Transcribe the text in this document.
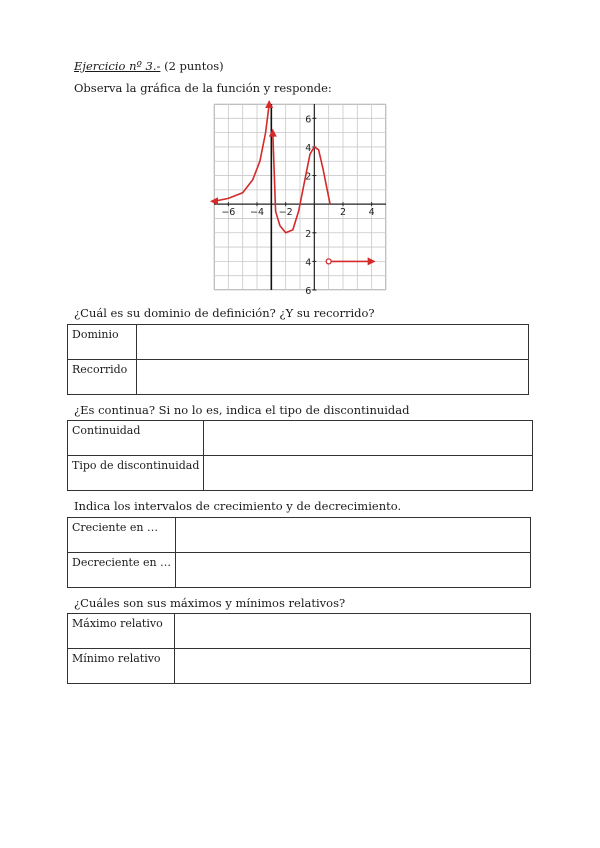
Ejercicio nº 3.- (2 puntos)
Observa la gráfica de la función y responde:
−6 −4 −2	2 4
6
4
2
2
4
6
¿Cuál es su dominio de definición? ¿Y su recorrido?
Dominio	
Recorrido	
¿Es continua? Si no lo es, indica el tipo de discontinuidad
Continuidad	
Tipo de discontinuidad	
Indica los intervalos de crecimiento y de decrecimiento.
Creciente en …	
Decreciente en …	
¿Cuáles son sus máximos y mínimos relativos?
Máximo relativo	
Mínimo relativo	
